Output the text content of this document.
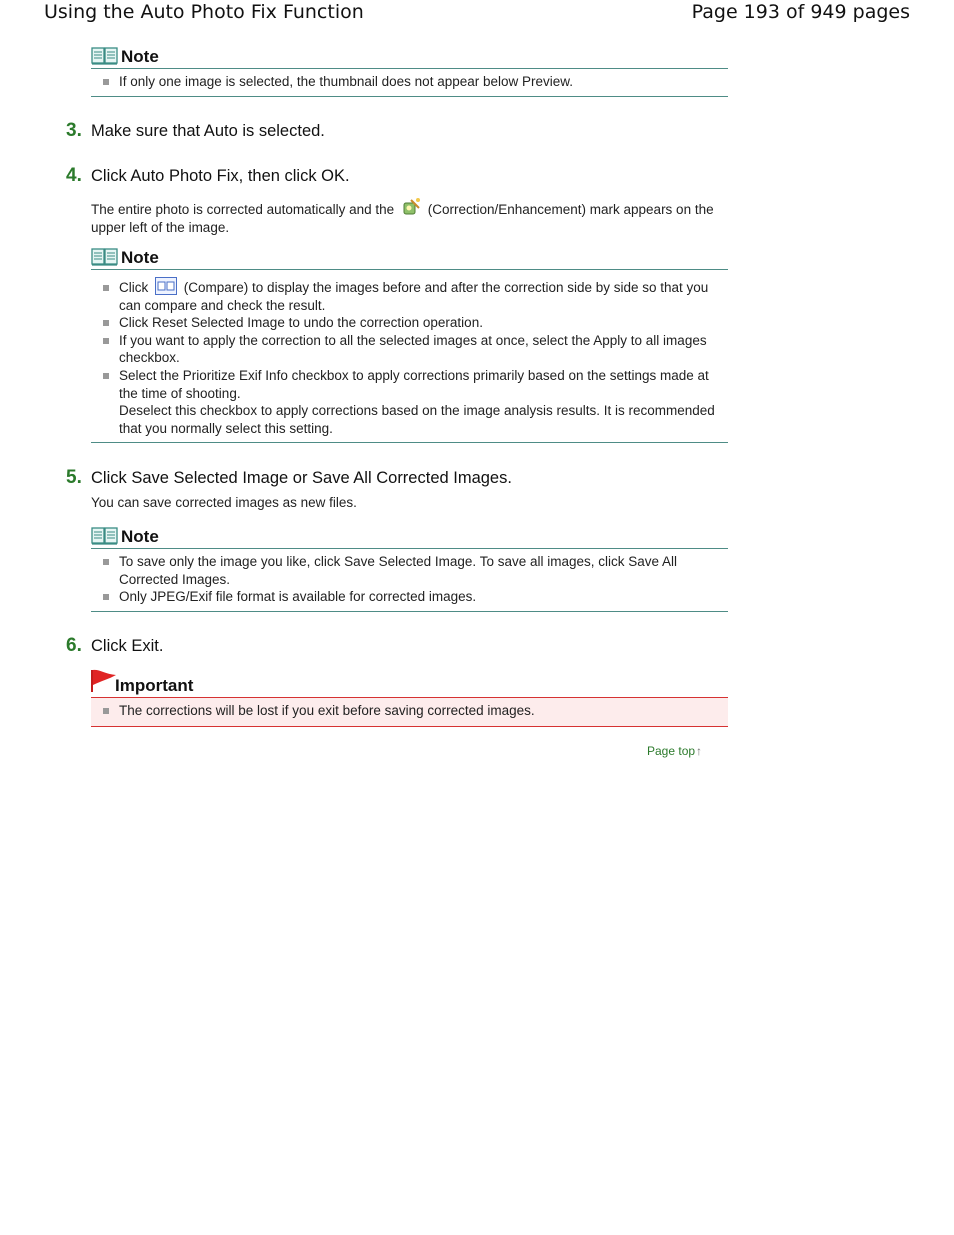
Using the Auto Photo Fix Function	Page 193 of 949 pages
Note
If only one image is selected, the thumbnail does not appear below Preview.
3. Make sure that Auto is selected.
4. Click Auto Photo Fix, then click OK.
The entire photo is corrected automatically and the (Correction/Enhancement) mark appears on the upper left of the image.
Note
Click	(Compare) to display the images before and after the correction side by side so that you can compare and check the result.
Click Reset Selected Image to undo the correction operation.
If you want to apply the correction to all the selected images at once, select the Apply to all images checkbox.
Select the Prioritize Exif Info checkbox to apply corrections primarily based on the settings made at the time of shooting.
Deselect this checkbox to apply corrections based on the image analysis results. It is recommended that you normally select this setting.
5. Click Save Selected Image or Save All Corrected Images.
You can save corrected images as new files.
Note
To save only the image you like, click Save Selected Image. To save all images, click Save All Corrected Images.
Only JPEG/Exif file format is available for corrected images.
6. Click Exit.
Important
The corrections will be lost if you exit before saving corrected images.
Page top↑
